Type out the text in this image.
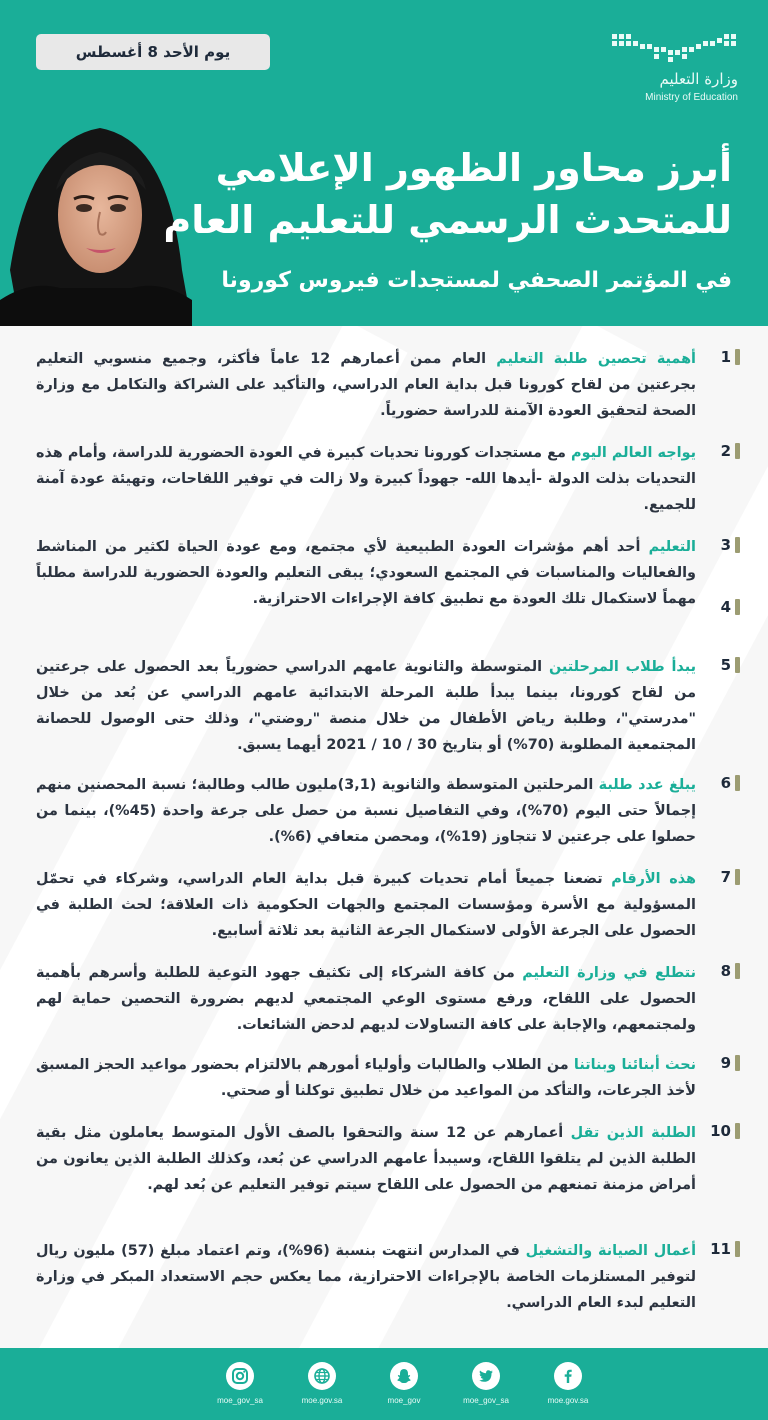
يوم الأحد 8 أغسطس
وزارة التعليم
Ministry of Education
أبرز محاور الظهور الإعلامي
للمتحدث الرسمي للتعليم العام
في المؤتمر الصحفي لمستجدات فيروس كورونا
1
أهمية تحصين طلبة التعليم العام ممن أعمارهم 12 عاماً فأكثر، وجميع منسوبي التعليم بجرعتين من لقاح كورونا قبل بداية العام الدراسي، والتأكيد على الشراكة والتكامل مع وزارة الصحة لتحقيق العودة الآمنة للدراسة حضورياً.
2
يواجه العالم اليوم مع مستجدات كورونا تحديات كبيرة في العودة الحضورية للدراسة، وأمام هذه التحديات بذلت الدولة -أيدها الله- جهوداً كبيرة ولا زالت في توفير اللقاحات، وتهيئة عودة آمنة للجميع.
3
4
التعليم أحد أهم مؤشرات العودة الطبيعية لأي مجتمع، ومع عودة الحياة لكثير من المناشط والفعاليات والمناسبات في المجتمع السعودي؛ يبقى التعليم والعودة الحضورية للدراسة مطلباً مهماً لاستكمال تلك العودة مع تطبيق كافة الإجراءات الاحترازية.
5
يبدأ طلاب المرحلتين المتوسطة والثانوية عامهم الدراسي حضورياً بعد الحصول على جرعتين من لقاح كورونا، بينما يبدأ طلبة المرحلة الابتدائية عامهم الدراسي عن بُعد من خلال "مدرستي"، وطلبة رياض الأطفال من خلال منصة "روضتي"، وذلك حتى الوصول للحصانة المجتمعية المطلوبة (70%) أو بتاريخ 30 / 10 / 2021 أيهما يسبق.
6
يبلغ عدد طلبة المرحلتين المتوسطة والثانوية (3,1)مليون طالب وطالبة؛ نسبة المحصنين منهم إجمالاً حتى اليوم (70%)، وفي التفاصيل نسبة من حصل على جرعة واحدة (45%)، بينما من حصلوا على جرعتين لا تتجاوز (19%)، ومحصن متعافي (6%).
7
هذه الأرقام تضعنا جميعاً أمام تحديات كبيرة قبل بداية العام الدراسي، وشركاء في تحمّل المسؤولية مع الأسرة ومؤسسات المجتمع والجهات الحكومية ذات العلاقة؛ لحث الطلبة في الحصول على الجرعة الأولى لاستكمال الجرعة الثانية بعد ثلاثة أسابيع.
8
نتطلع في وزارة التعليم من كافة الشركاء إلى تكثيف جهود التوعية للطلبة وأسرهم بأهمية الحصول على اللقاح، ورفع مستوى الوعي المجتمعي لديهم بضرورة التحصين حماية لهم ولمجتمعهم، والإجابة على كافة التساولات لديهم لدحض الشائعات.
9
نحث أبنائنا وبناتنا من الطلاب والطالبات وأولياء أمورهم بالالتزام بحضور مواعيد الحجز المسبق لأخذ الجرعات، والتأكد من المواعيد من خلال تطبيق توكلنا أو صحتي.
10
الطلبة الذين تقل أعمارهم عن 12 سنة والتحقوا بالصف الأول المتوسط يعاملون مثل بقية الطلبة الذين لم يتلقوا اللقاح، وسيبدأ عامهم الدراسي عن بُعد، وكذلك الطلبة الذين يعانون من أمراض مزمنة تمنعهم من الحصول على اللقاح سيتم توفير التعليم عن بُعد لهم.
11
أعمال الصيانة والتشغيل في المدارس انتهت بنسبة (96%)، وتم اعتماد مبلغ (57) مليون ريال لتوفير المستلزمات الخاصة بالإجراءات الاحترازية، مما يعكس حجم الاستعداد المبكر في وزارة التعليم لبدء العام الدراسي.
moe_gov_sa	moe.gov.sa	moe_gov	moe_gov_sa	moe.gov.sa
